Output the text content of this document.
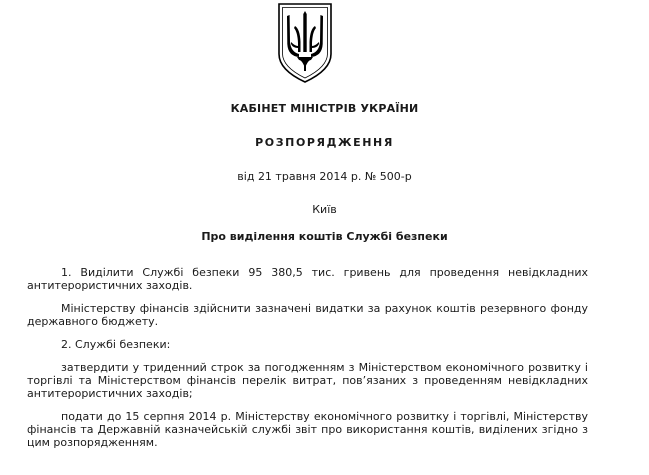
КАБІНЕТ МІНІСТРІВ УКРАЇНИ
РОЗПОРЯДЖЕННЯ
від 21 травня 2014 р. № 500-р
Київ
Про виділення коштів Службі безпеки

1. Виділити Службі безпеки 95 380,5 тис. гривень для проведення невідкладних антитерористичних заходів.

Міністерству фінансів здійснити зазначені видатки за рахунок коштів резервного фонду державного бюджету.

2. Службі безпеки:

затвердити у триденний строк за погодженням з Міністерством економічного розвитку і торгівлі та Міністерством фінансів перелік витрат, пов’язаних з проведенням невідкладних антитерористичних заходів;

подати до 15 серпня 2014 р. Міністерству економічного розвитку і торгівлі, Міністерству фінансів та Державній казначейській службі звіт про використання коштів, виділених згідно з цим розпорядженням.
